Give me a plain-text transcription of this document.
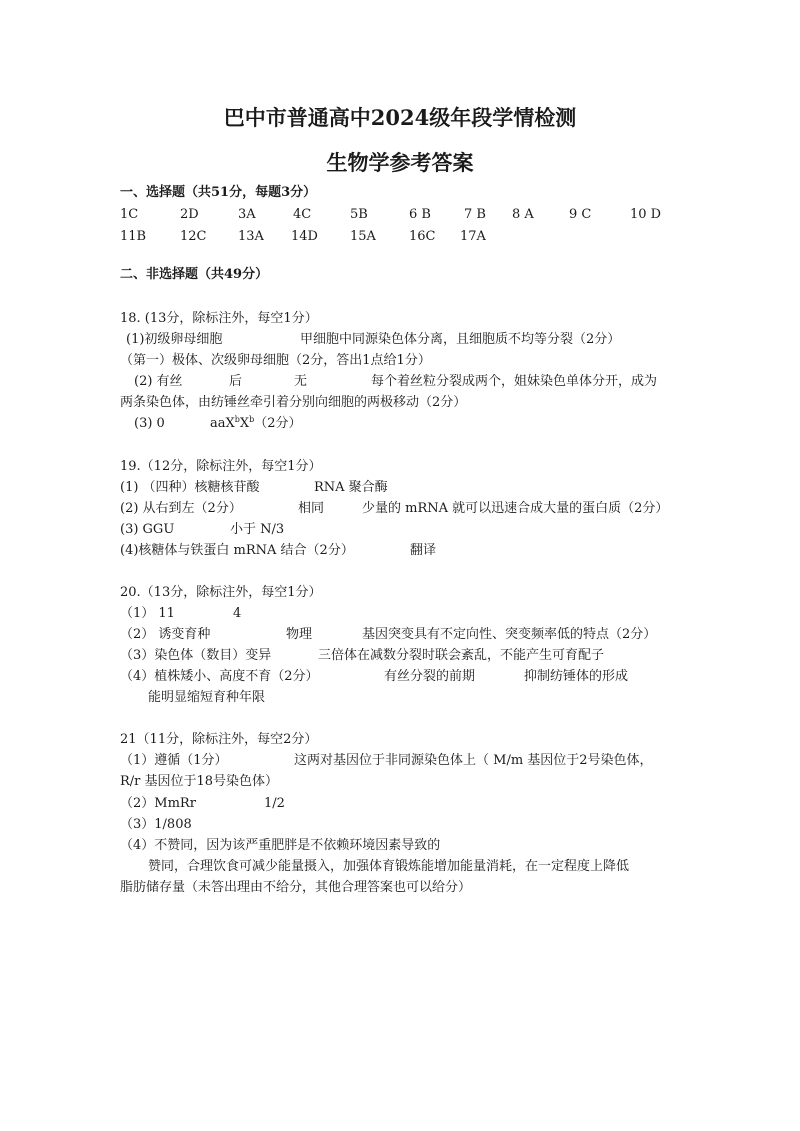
巴中市普通高中2024级年段学情检测
生物学参考答案
一、选择题（共51分，每题3分）
1C	2D	3A	4C	5B	6 B	7 B 8 A	9 C	10 D
11B	12C 13A 14D 15A	16C 17A
二、非选择题（共49分）
18. (13分，除标注外，每空1分）
(1)初级卵母细胞	甲细胞中同源染色体分离，且细胞质不均等分裂（2分）
（第一）极体、次级卵母细胞（2分，答出1点给1分）
(2) 有丝	后	无	每个着丝粒分裂成两个，姐妹染色单体分开，成为
两条染色体，由纺锤丝牵引着分别向细胞的两极移动（2分）
(3) 0	$aaX^bX^b(2$分）
19.（12分，除标注外，每空1分）
(1) （四种）核糖核苷酸	RNA 聚合酶
(2) 从右到左（2分）	相同	少量的 mRNA 就可以迅速合成大量的蛋白质（2分）
(3) GGU	小于 N/3
(4)核糖体与铁蛋白 mRNA 结合（2分）	翻译
20.（13分，除标注外，每空1分）
（1） 11	4
（2） 诱变育种	物理	基因突变具有不定向性、突变频率低的特点（2分）
（3）染色体（数目）变异	三倍体在减数分裂时联会紊乱，不能产生可育配子
（4）植株矮小、高度不育（2分）	有丝分裂的前期	抑制纺锤体的形成
能明显缩短育种年限
21（11分，除标注外，每空2分）
（1）遵循（1分）	这两对基因位于非同源染色体上（ M/m 基因位于2号染色体，
R/r 基因位于18号染色体）
（2）MmRr	1/2
（3）1/808
（4）不赞同，因为该严重肥胖是不依赖环境因素导致的
赞同，合理饮食可减少能量摄入，加强体育锻炼能增加能量消耗，在一定程度上降低
脂肪储存量（未答出理由不给分，其他合理答案也可以给分）
